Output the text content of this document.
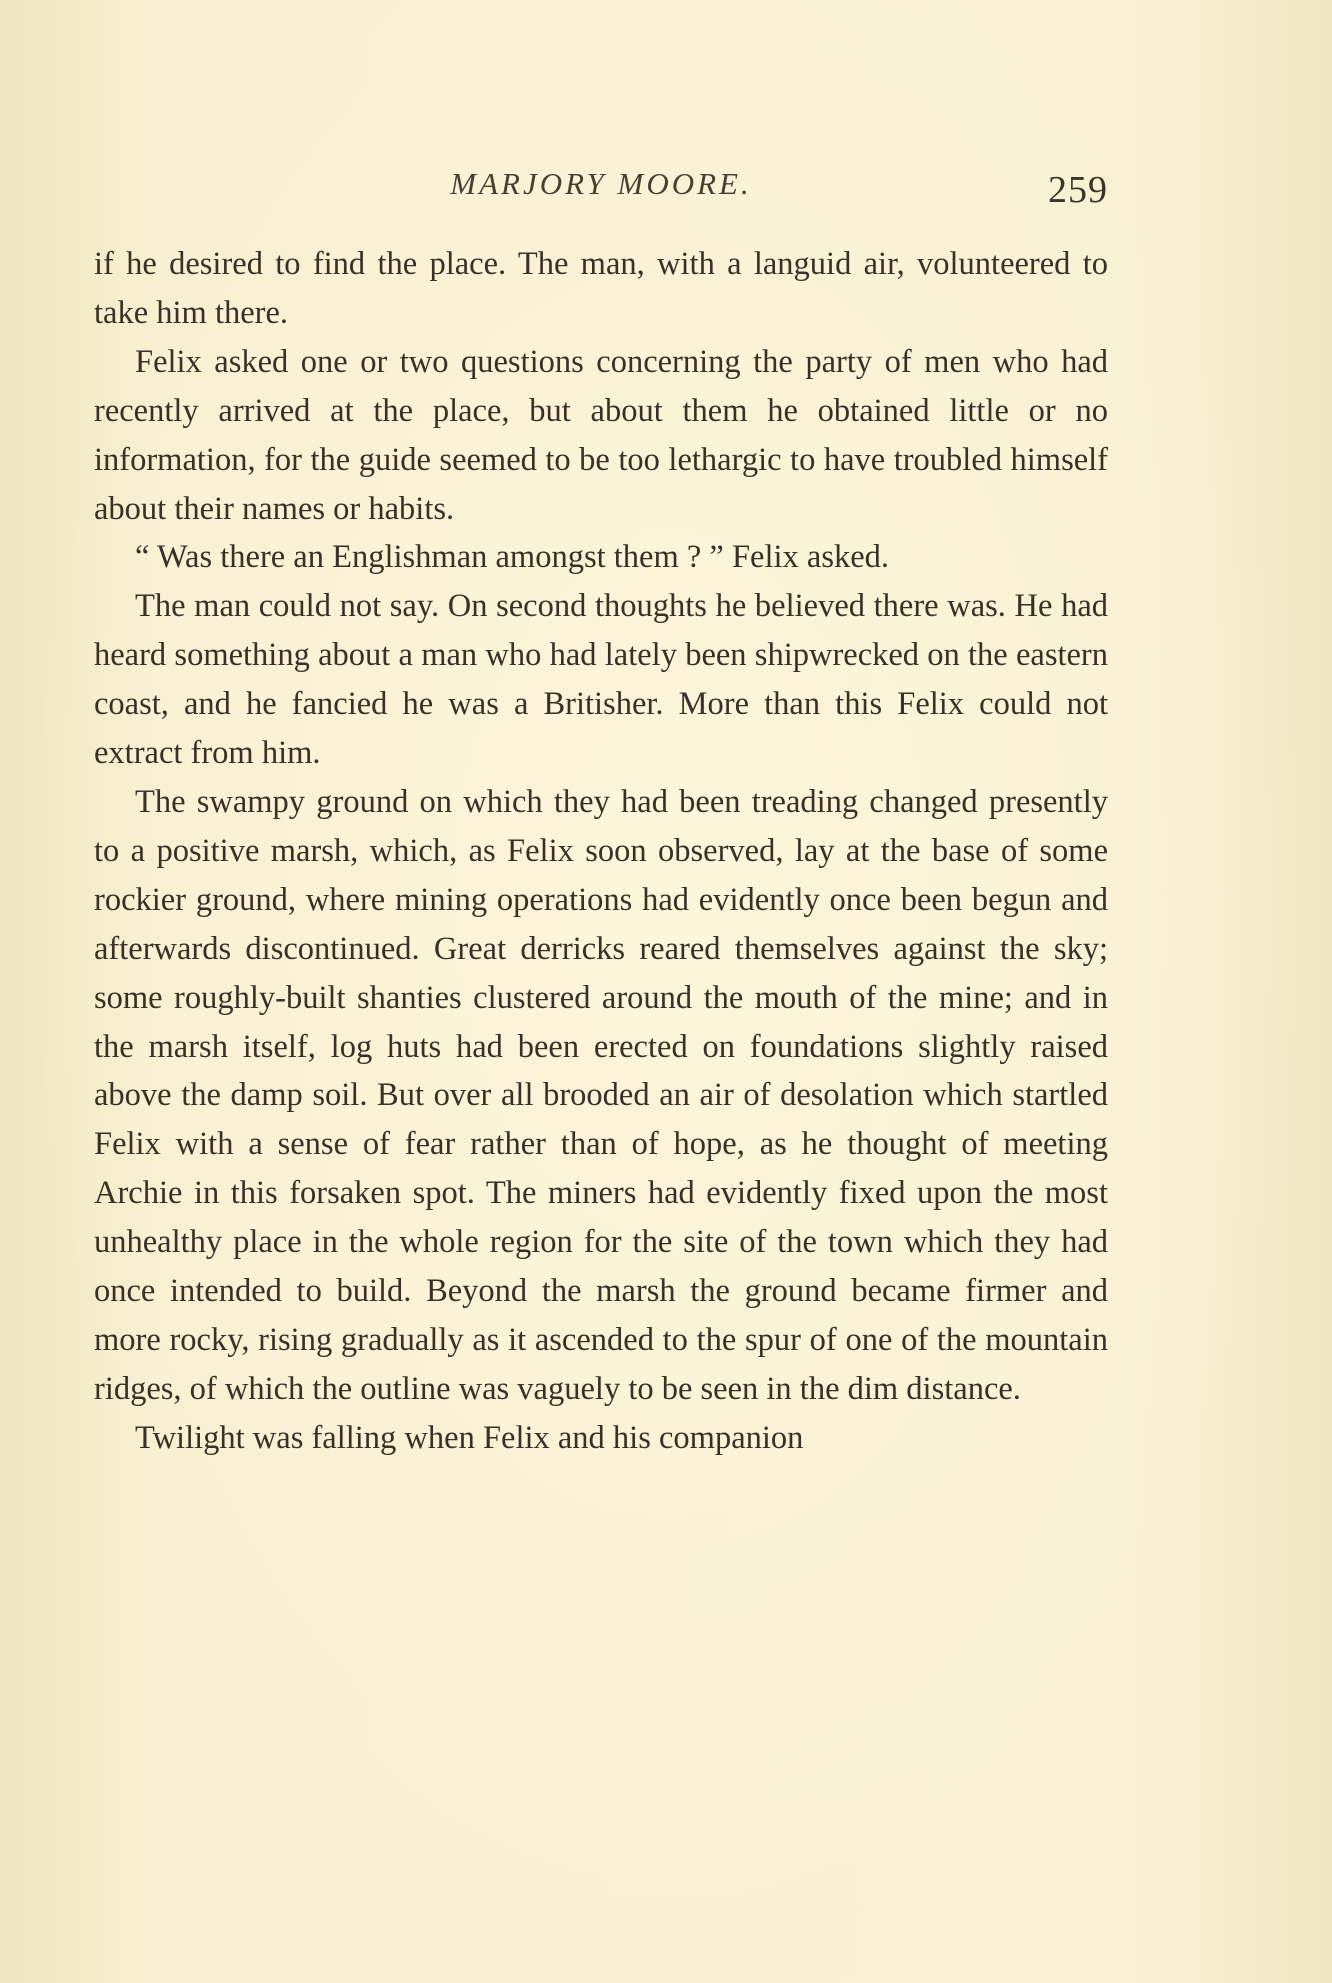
MARJORY MOORE.	259

if he desired to find the place. The man, with a languid air, volunteered to take him there.

Felix asked one or two questions concerning the party of men who had recently arrived at the place, but about them he obtained little or no information, for the guide seemed to be too lethargic to have troubled himself about their names or habits.

“ Was there an Englishman amongst them ? ” Felix asked.

The man could not say. On second thoughts he believed there was. He had heard something about a man who had lately been shipwrecked on the eastern coast, and he fancied he was a Britisher. More than this Felix could not extract from him.

The swampy ground on which they had been treading changed presently to a positive marsh, which, as Felix soon observed, lay at the base of some rockier ground, where mining operations had evidently once been begun and afterwards discontinued. Great derricks reared themselves against the sky; some roughly-built shanties clustered around the mouth of the mine; and in the marsh itself, log huts had been erected on foundations slightly raised above the damp soil. But over all brooded an air of desolation which startled Felix with a sense of fear rather than of hope, as he thought of meeting Archie in this forsaken spot. The miners had evidently fixed upon the most unhealthy place in the whole region for the site of the town which they had once intended to build. Beyond the marsh the ground became firmer and more rocky, rising gradually as it ascended to the spur of one of the mountain ridges, of which the outline was vaguely to be seen in the dim distance.

Twilight was falling when Felix and his companion
